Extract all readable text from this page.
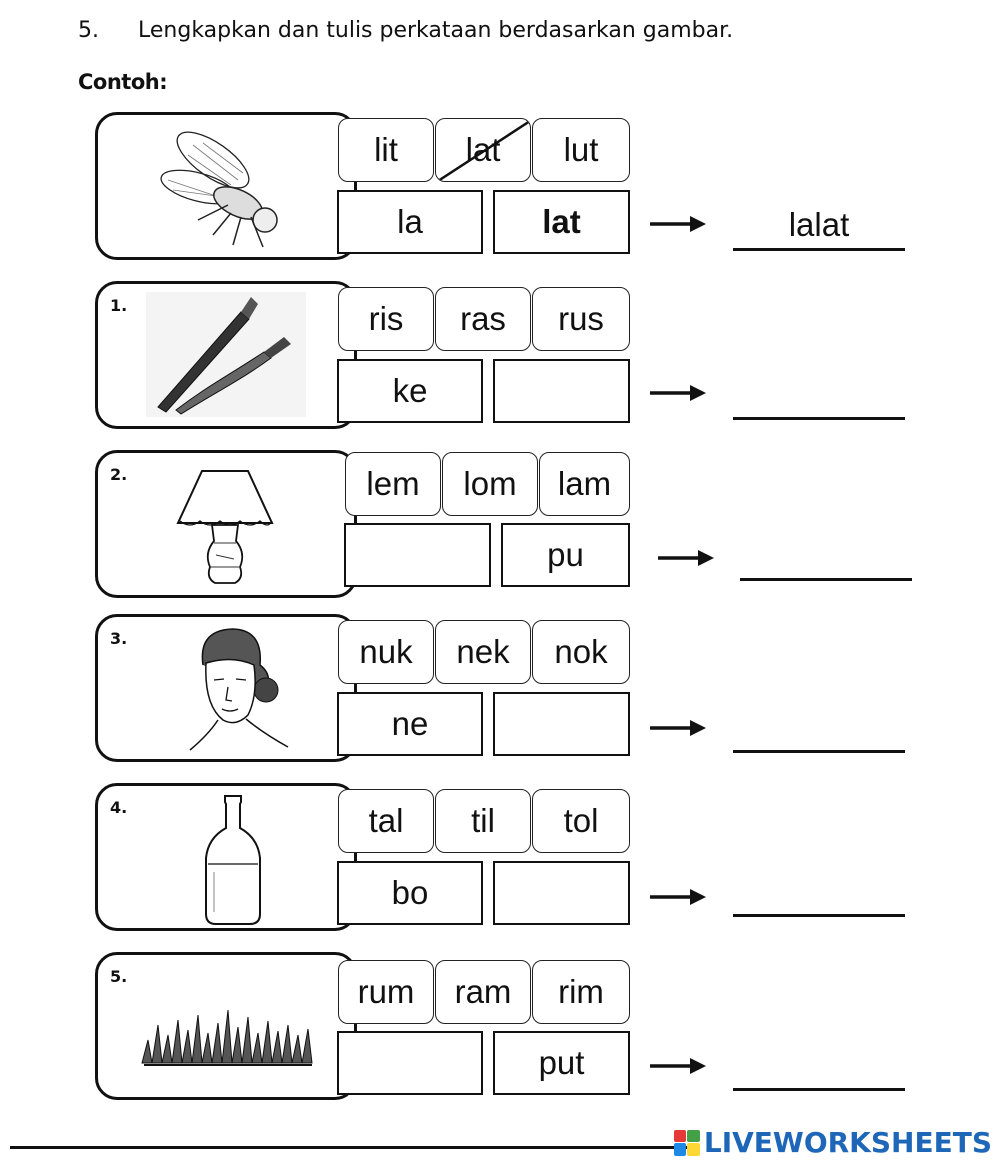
5. Lengkapkan dan tulis perkataan berdasarkan gambar.
Contoh:
lit lat lut
la	lat	lalat
1.	ris ras rus
ke
2.	lem lom lam
pu
3.	nuk nek nok
ne
4.	tal til tol
bo
5.	rum ram rim
put
LIVEWORKSHEETS
